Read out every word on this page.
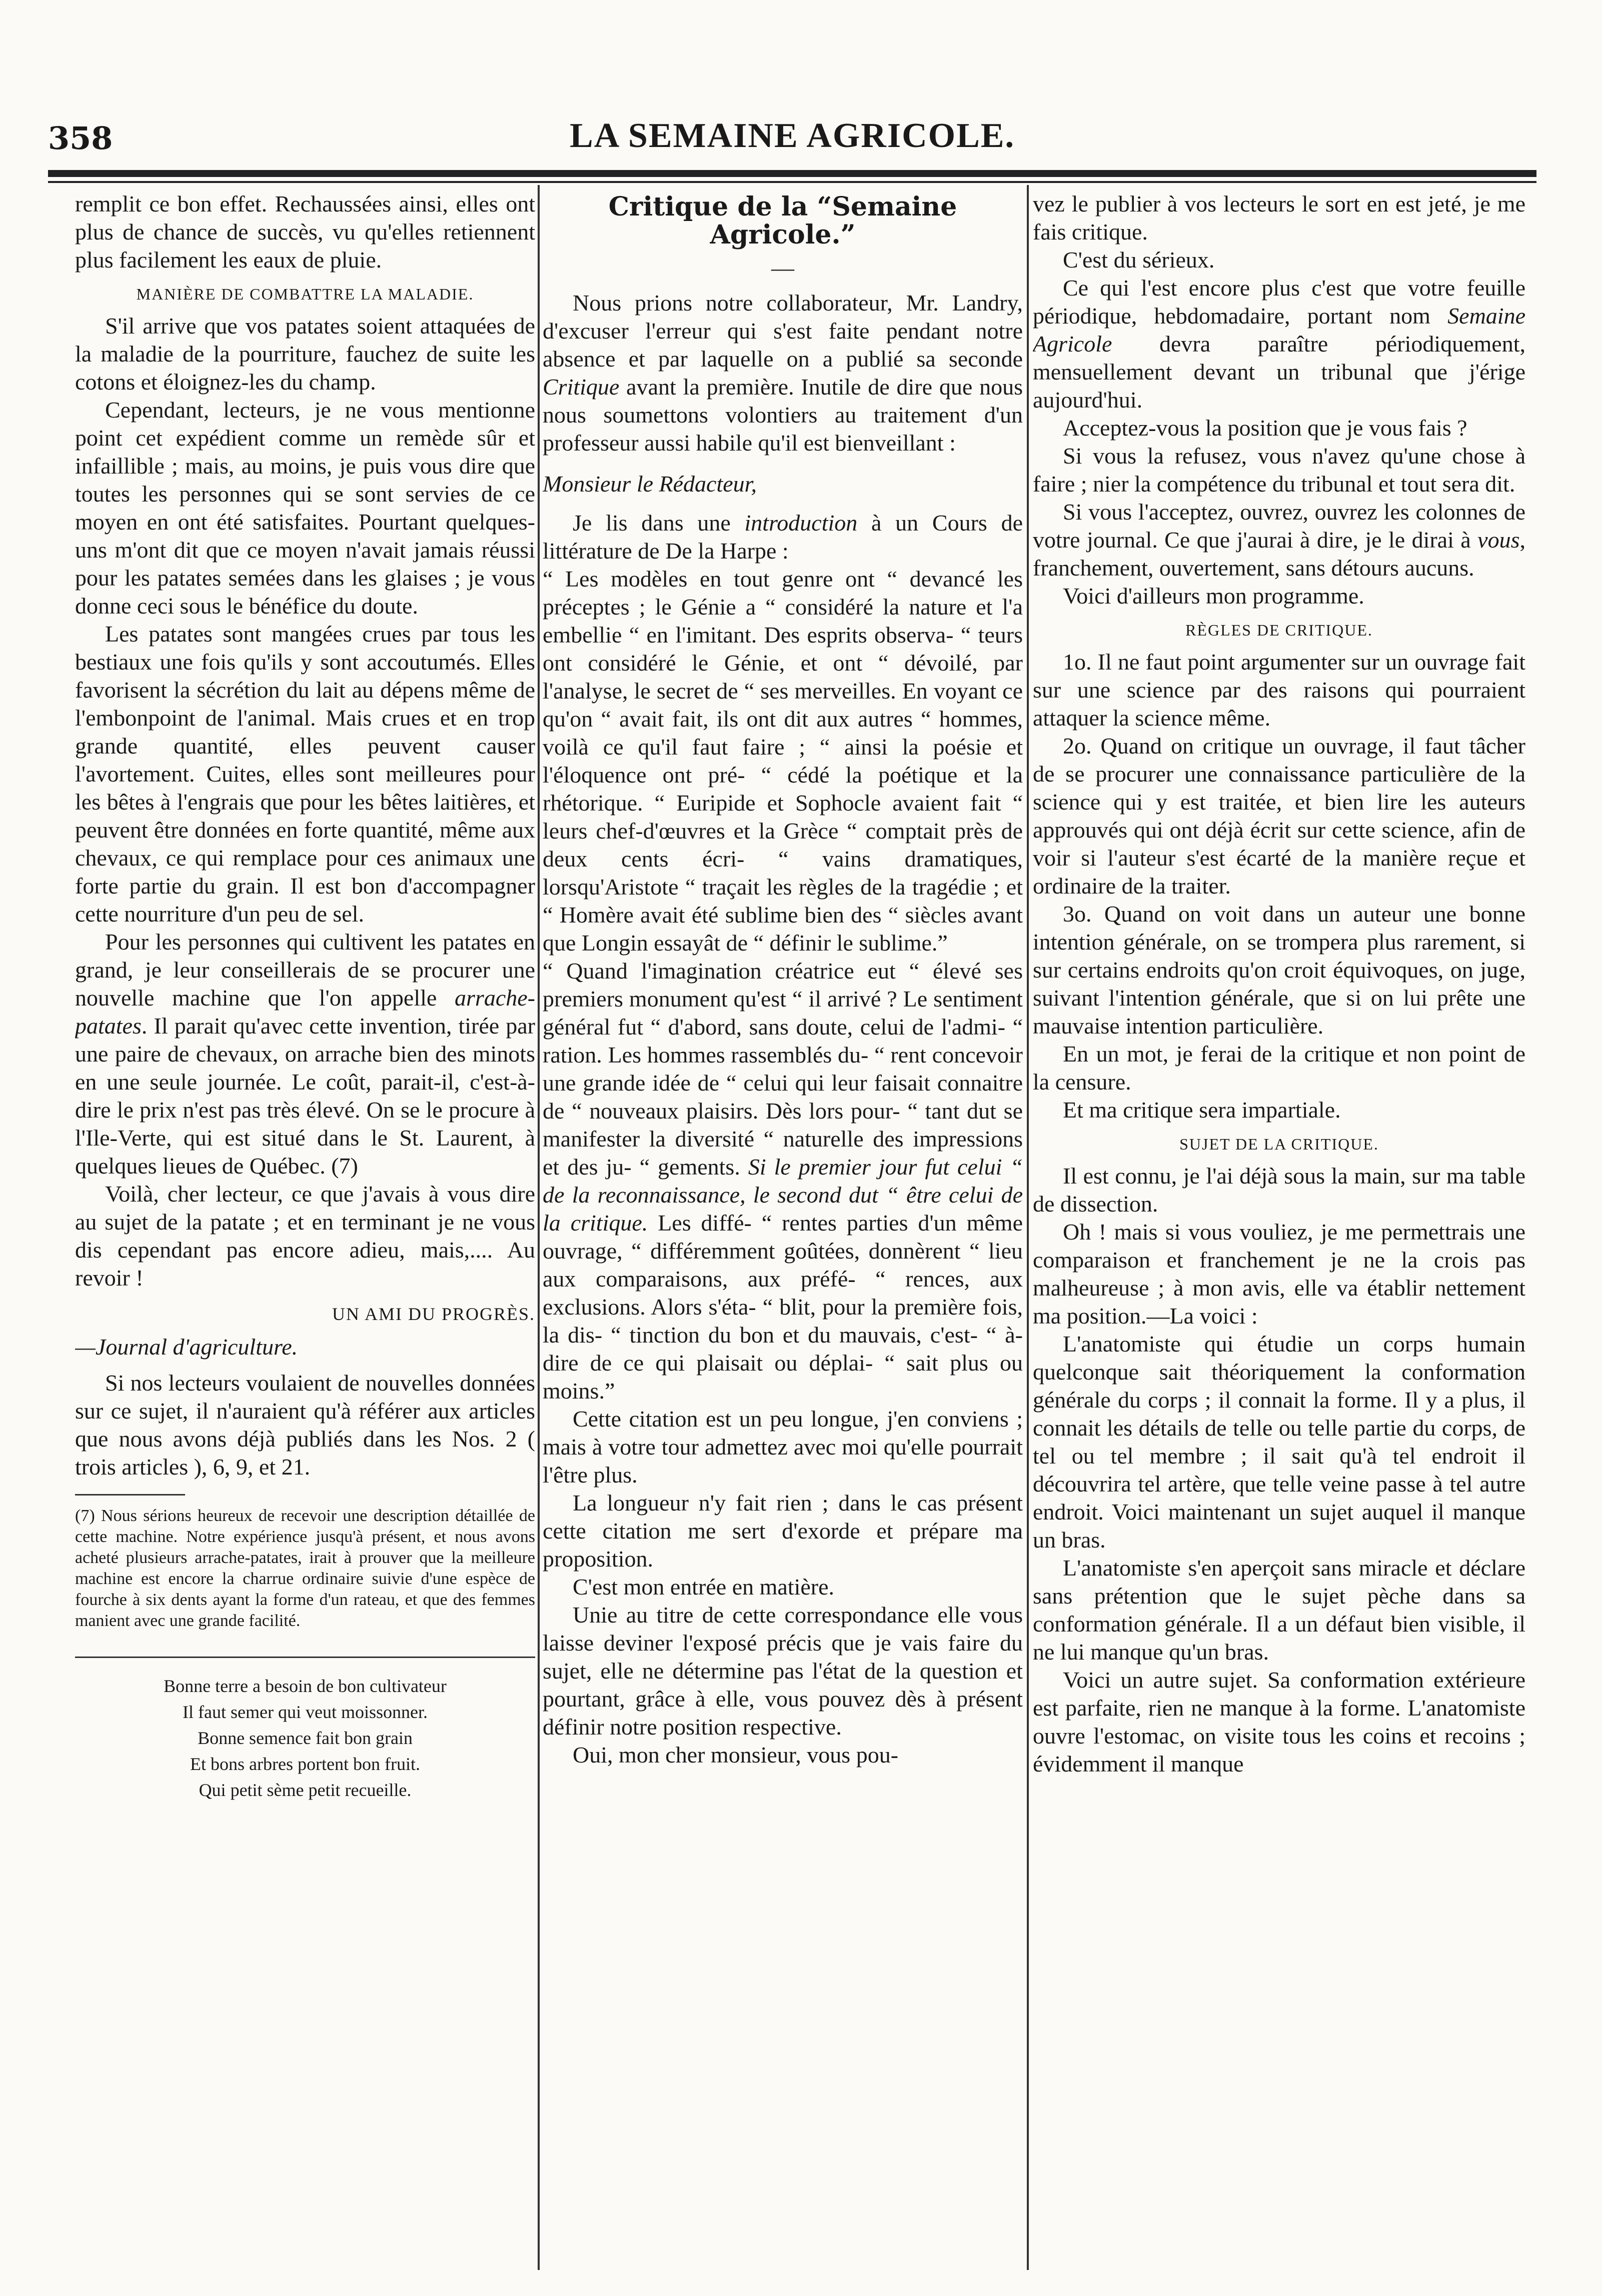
358	LA SEMAINE AGRICOLE.

remplit ce bon effet. Rechaussées ainsi, elles ont plus de chance de succès, vu qu'elles retiennent plus facilement les eaux de pluie.

MANIÈRE DE COMBATTRE LA MALADIE.

S'il arrive que vos patates soient attaquées de la maladie de la pourriture, fauchez de suite les cotons et éloignez-les du champ.

Cependant, lecteurs, je ne vous mentionne point cet expédient comme un remède sûr et infaillible ; mais, au moins, je puis vous dire que toutes les personnes qui se sont servies de ce moyen en ont été satisfaites. Pourtant quelques-uns m'ont dit que ce moyen n'avait jamais réussi pour les patates semées dans les glaises ; je vous donne ceci sous le bénéfice du doute.

Les patates sont mangées crues par tous les bestiaux une fois qu'ils y sont accoutumés. Elles favorisent la sécrétion du lait au dépens même de l'embonpoint de l'animal. Mais crues et en trop grande quantité, elles peuvent causer l'avortement. Cuites, elles sont meilleures pour les bêtes à l'engrais que pour les bêtes laitières, et peuvent être données en forte quantité, même aux chevaux, ce qui remplace pour ces animaux une forte partie du grain. Il est bon d'accompagner cette nourriture d'un peu de sel.

Pour les personnes qui cultivent les patates en grand, je leur conseillerais de se procurer une nouvelle machine que l'on appelle arrache-patates. Il parait qu'avec cette invention, tirée par une paire de chevaux, on arrache bien des minots en une seule journée. Le coût, parait-il, c'est-à-dire le prix n'est pas très élevé. On se le procure à l'Ile-Verte, qui est situé dans le St. Laurent, à quelques lieues de Québec. (7)

Voilà, cher lecteur, ce que j'avais à vous dire au sujet de la patate ; et en terminant je ne vous dis cependant pas encore adieu, mais,.... Au revoir !

UN AMI DU PROGRÈS.
—Journal d'agriculture.

Si nos lecteurs voulaient de nouvelles données sur ce sujet, il n'auraient qu'à référer aux articles que nous avons déjà publiés dans les Nos. 2 ( trois articles ), 6, 9, et 21.

(7) Nous sérions heureux de recevoir une description détaillée de cette machine. Notre expérience jusqu'à présent, et nous avons acheté plusieurs arrache-patates, irait à prouver que la meilleure machine est encore la charrue ordinaire suivie d'une espèce de fourche à six dents ayant la forme d'un rateau, et que des femmes manient avec une grande facilité.
Bonne terre a besoin de bon cultivateur
Il faut semer qui veut moissonner.
Bonne semence fait bon grain
Et bons arbres portent bon fruit.
Qui petit sème petit recueille.
Critique de la “Semaine Agricole.”
—

Nous prions notre collaborateur, Mr. Landry, d'excuser l'erreur qui s'est faite pendant notre absence et par laquelle on a publié sa seconde Critique avant la première. Inutile de dire que nous nous soumettons volontiers au traitement d'un professeur aussi habile qu'il est bienveillant :

Monsieur le Rédacteur,

Je lis dans une introduction à un Cours de littérature de De la Harpe :

“ Les modèles en tout genre ont “ devancé les préceptes ; le Génie a “ considéré la nature et l'a embellie “ en l'imitant. Des esprits observa- “ teurs ont considéré le Génie, et ont “ dévoilé, par l'analyse, le secret de “ ses merveilles. En voyant ce qu'on “ avait fait, ils ont dit aux autres “ hommes, voilà ce qu'il faut faire ; “ ainsi la poésie et l'éloquence ont pré- “ cédé la poétique et la rhétorique. “ Euripide et Sophocle avaient fait “ leurs chef-d'œuvres et la Grèce “ comptait près de deux cents écri- “ vains dramatiques, lorsqu'Aristote “ traçait les règles de la tragédie ; et “ Homère avait été sublime bien des “ siècles avant que Longin essayât de “ définir le sublime.”

“ Quand l'imagination créatrice eut “ élevé ses premiers monument qu'est “ il arrivé ? Le sentiment général fut “ d'abord, sans doute, celui de l'admi- “ ration. Les hommes rassemblés du- “ rent concevoir une grande idée de “ celui qui leur faisait connaitre de “ nouveaux plaisirs. Dès lors pour- “ tant dut se manifester la diversité “ naturelle des impressions et des ju- “ gements. Si le premier jour fut celui “ de la reconnaissance, le second dut “ être celui de la critique. Les diffé- “ rentes parties d'un même ouvrage, “ différemment goûtées, donnèrent “ lieu aux comparaisons, aux préfé- “ rences, aux exclusions. Alors s'éta- “ blit, pour la première fois, la dis- “ tinction du bon et du mauvais, c'est- “ à-dire de ce qui plaisait ou déplai- “ sait plus ou moins.”

Cette citation est un peu longue, j'en conviens ; mais à votre tour admettez avec moi qu'elle pourrait l'être plus.

La longueur n'y fait rien ; dans le cas présent cette citation me sert d'exorde et prépare ma proposition.

C'est mon entrée en matière.

Unie au titre de cette correspondance elle vous laisse deviner l'exposé précis que je vais faire du sujet, elle ne détermine pas l'état de la question et pourtant, grâce à elle, vous pouvez dès à présent définir notre position respective.

Oui, mon cher monsieur, vous pou-

vez le publier à vos lecteurs le sort en est jeté, je me fais critique.

C'est du sérieux.

Ce qui l'est encore plus c'est que votre feuille périodique, hebdomadaire, portant nom Semaine Agricole devra paraître périodiquement, mensuellement devant un tribunal que j'érige aujourd'hui.

Acceptez-vous la position que je vous fais ?

Si vous la refusez, vous n'avez qu'une chose à faire ; nier la compétence du tribunal et tout sera dit.

Si vous l'acceptez, ouvrez, ouvrez les colonnes de votre journal. Ce que j'aurai à dire, je le dirai à vous, franchement, ouvertement, sans détours aucuns.

Voici d'ailleurs mon programme.

RÈGLES DE CRITIQUE.

1o. Il ne faut point argumenter sur un ouvrage fait sur une science par des raisons qui pourraient attaquer la science même.

2o. Quand on critique un ouvrage, il faut tâcher de se procurer une connaissance particulière de la science qui y est traitée, et bien lire les auteurs approuvés qui ont déjà écrit sur cette science, afin de voir si l'auteur s'est écarté de la manière reçue et ordinaire de la traiter.

3o. Quand on voit dans un auteur une bonne intention générale, on se trompera plus rarement, si sur certains endroits qu'on croit équivoques, on juge, suivant l'intention générale, que si on lui prête une mauvaise intention particulière.

En un mot, je ferai de la critique et non point de la censure.

Et ma critique sera impartiale.

SUJET DE LA CRITIQUE.

Il est connu, je l'ai déjà sous la main, sur ma table de dissection.

Oh ! mais si vous vouliez, je me permettrais une comparaison et franchement je ne la crois pas malheureuse ; à mon avis, elle va établir nettement ma position.—La voici :

L'anatomiste qui étudie un corps humain quelconque sait théoriquement la conformation générale du corps ; il connait la forme. Il y a plus, il connait les détails de telle ou telle partie du corps, de tel ou tel membre ; il sait qu'à tel endroit il découvrira tel artère, que telle veine passe à tel autre endroit. Voici maintenant un sujet auquel il manque un bras.

L'anatomiste s'en aperçoit sans miracle et déclare sans prétention que le sujet pèche dans sa conformation générale. Il a un défaut bien visible, il ne lui manque qu'un bras.

Voici un autre sujet. Sa conformation extérieure est parfaite, rien ne manque à la forme. L'anatomiste ouvre l'estomac, on visite tous les coins et recoins ; évidemment il manque
